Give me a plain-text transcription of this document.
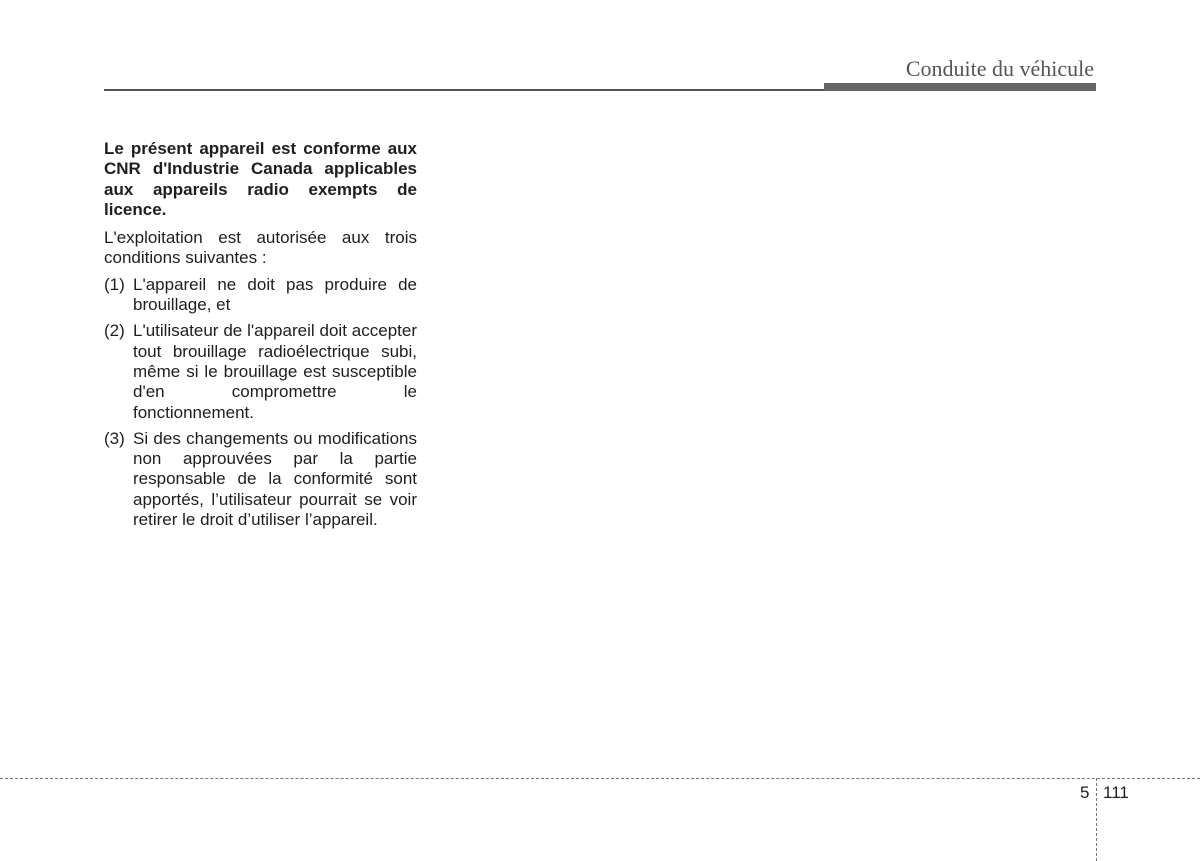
Conduite du véhicule

Le présent appareil est conforme aux CNR d'Industrie Canada applicables aux appareils radio exempts de licence.

L'exploitation est autorisée aux trois conditions suivantes :

(1) L'appareil ne doit pas produire de brouillage, et
(2) L'utilisateur de l'appareil doit accepter tout brouillage radioélectrique subi, même si le brouillage est susceptible d'en compromettre le fonctionnement.
(3) Si des changements ou modifications non approuvées par la partie responsable de la conformité sont apportés, l’utilisateur pourrait se voir retirer le droit d’utiliser l’appareil.
5 111
